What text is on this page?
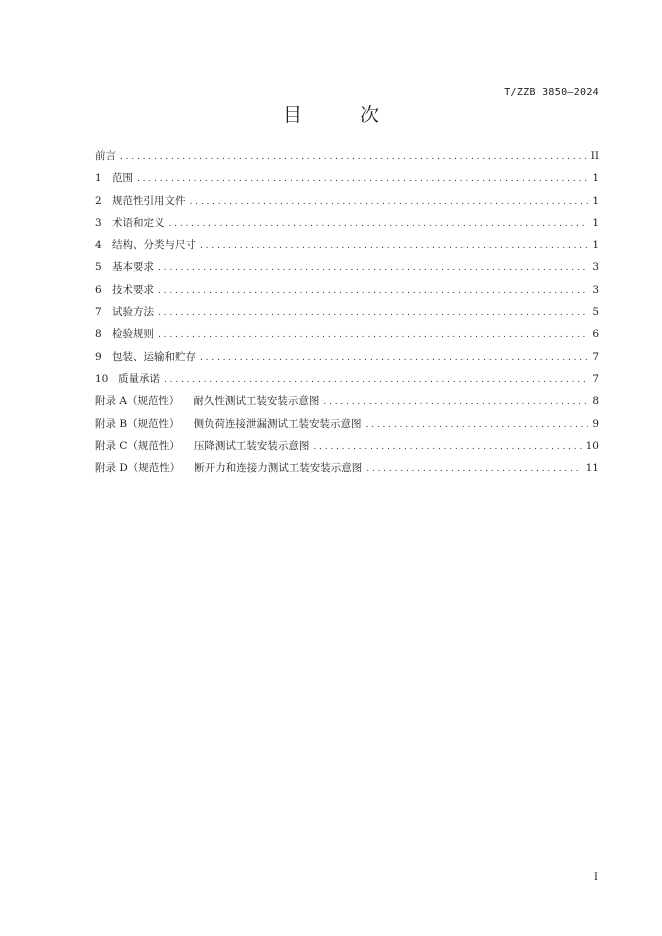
T/ZZB 3850—2024
目 次
前言 .....	II
1 范围 .....	1
2 规范性引用文件 .....	1
3 术语和定义 .....	1
4 结构、分类与尺寸 .....	1
5 基本要求 .....	3
6 技术要求 .....	3
7 试验方法 .....	5
8 检验规则 .....	6
9 包装、运输和贮存 .....	7
10 质量承诺 .....	7
附录 A（规范性） 耐久性测试工装安装示意图 .....	8
附录 B（规范性） 侧负荷连接泄漏测试工装安装示意图 .....	9
附录 C（规范性） 压降测试工装安装示意图 .....	10
附录 D（规范性） 断开力和连接力测试工装安装示意图 .....	11
I
